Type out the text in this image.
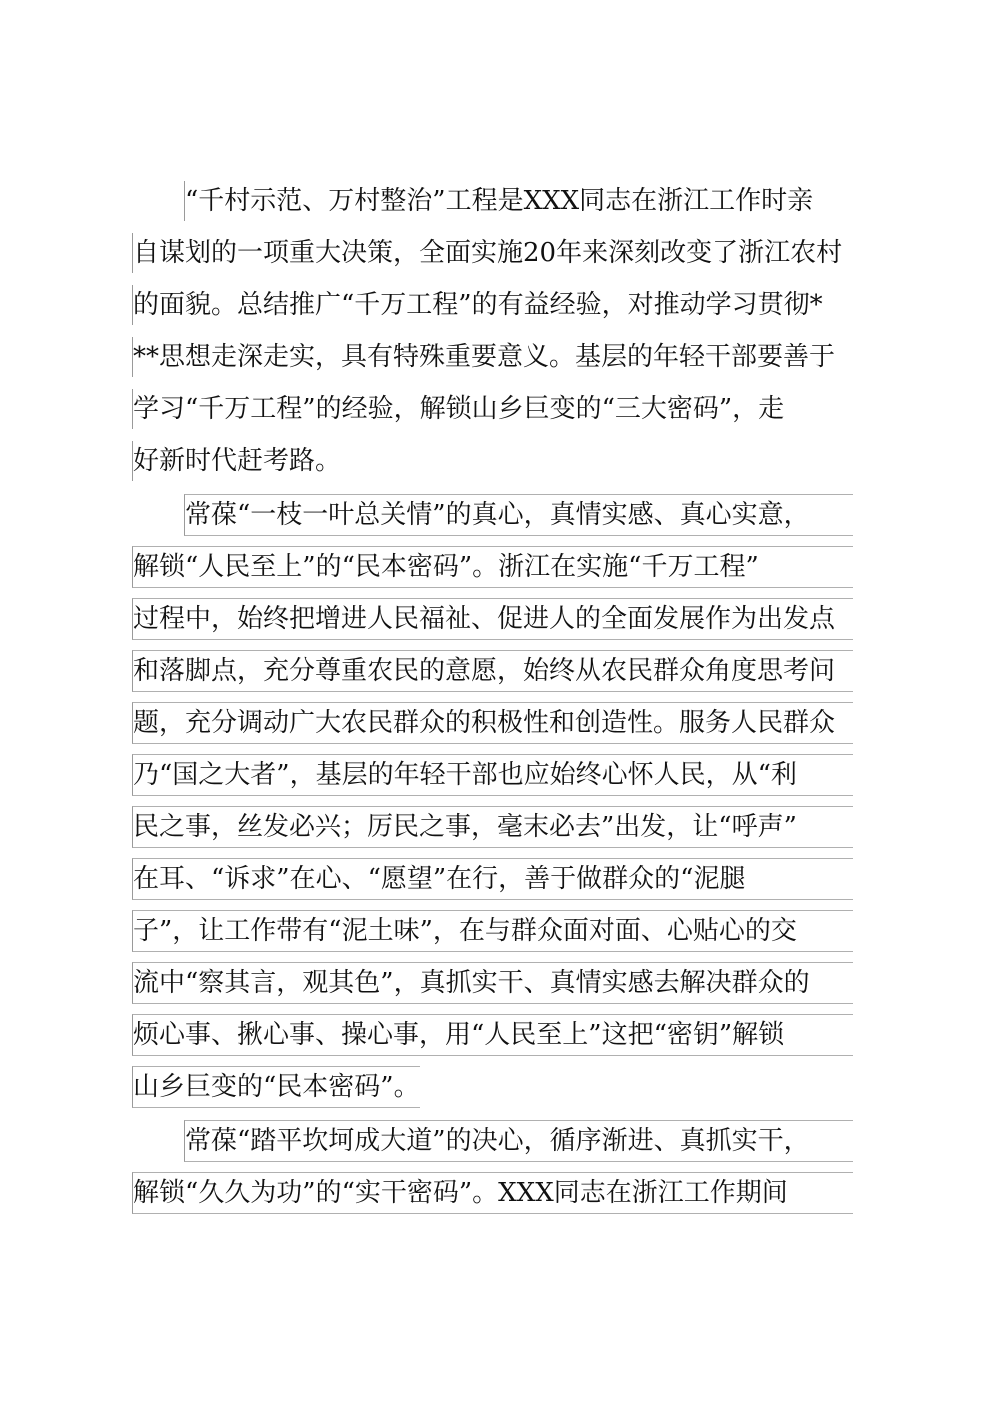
“千村示范、万村整治”工程是XXX同志在浙江工作时亲
自谋划的一项重大决策，全面实施20年来深刻改变了浙江农村
的面貌。总结推广“千万工程”的有益经验，对推动学习贯彻*
**思想走深走实，具有特殊重要意义。基层的年轻干部要善于
学习“千万工程”的经验，解锁山乡巨变的“三大密码”，走
好新时代赶考路。
常葆“一枝一叶总关情”的真心，真情实感、真心实意，
解锁“人民至上”的“民本密码”。浙江在实施“千万工程”
过程中，始终把增进人民福祉、促进人的全面发展作为出发点
和落脚点，充分尊重农民的意愿，始终从农民群众角度思考问
题，充分调动广大农民群众的积极性和创造性。服务人民群众
乃“国之大者”，基层的年轻干部也应始终心怀人民，从“利
民之事，丝发必兴；厉民之事，毫末必去”出发，让“呼声”
在耳、“诉求”在心、“愿望”在行，善于做群众的“泥腿
子”，让工作带有“泥土味”，在与群众面对面、心贴心的交
流中“察其言，观其色”，真抓实干、真情实感去解决群众的
烦心事、揪心事、操心事，用“人民至上”这把“密钥”解锁
山乡巨变的“民本密码”。
常葆“踏平坎坷成大道”的决心，循序渐进、真抓实干，
解锁“久久为功”的“实干密码”。XXX同志在浙江工作期间
